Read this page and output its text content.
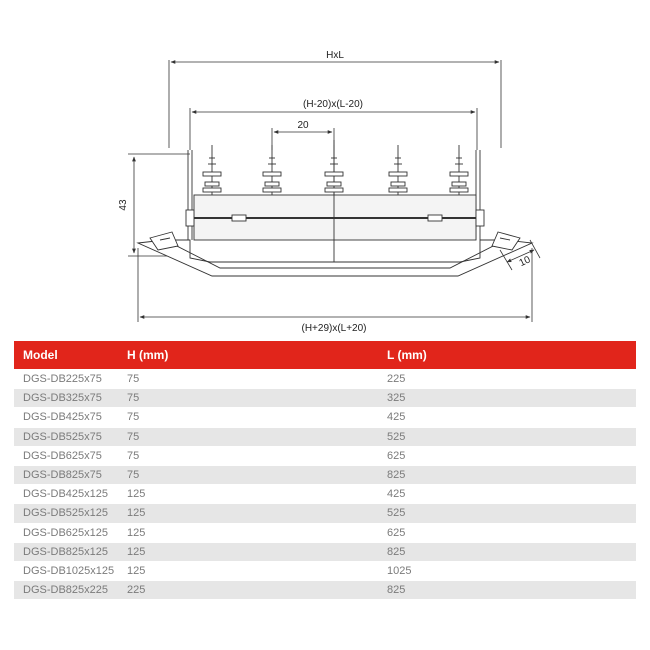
HxL
(H-20)x(L-20)
20
43
10
(H+29)x(L+20)
Model	H (mm)	L (mm)
DGS-DB225x75	75	225
DGS-DB325x75	75	325
DGS-DB425x75	75	425
DGS-DB525x75	75	525
DGS-DB625x75	75	625
DGS-DB825x75	75	825
DGS-DB425x125	125	425
DGS-DB525x125	125	525
DGS-DB625x125	125	625
DGS-DB825x125	125	825
DGS-DB1025x125	125	1025
DGS-DB825x225	225	825
